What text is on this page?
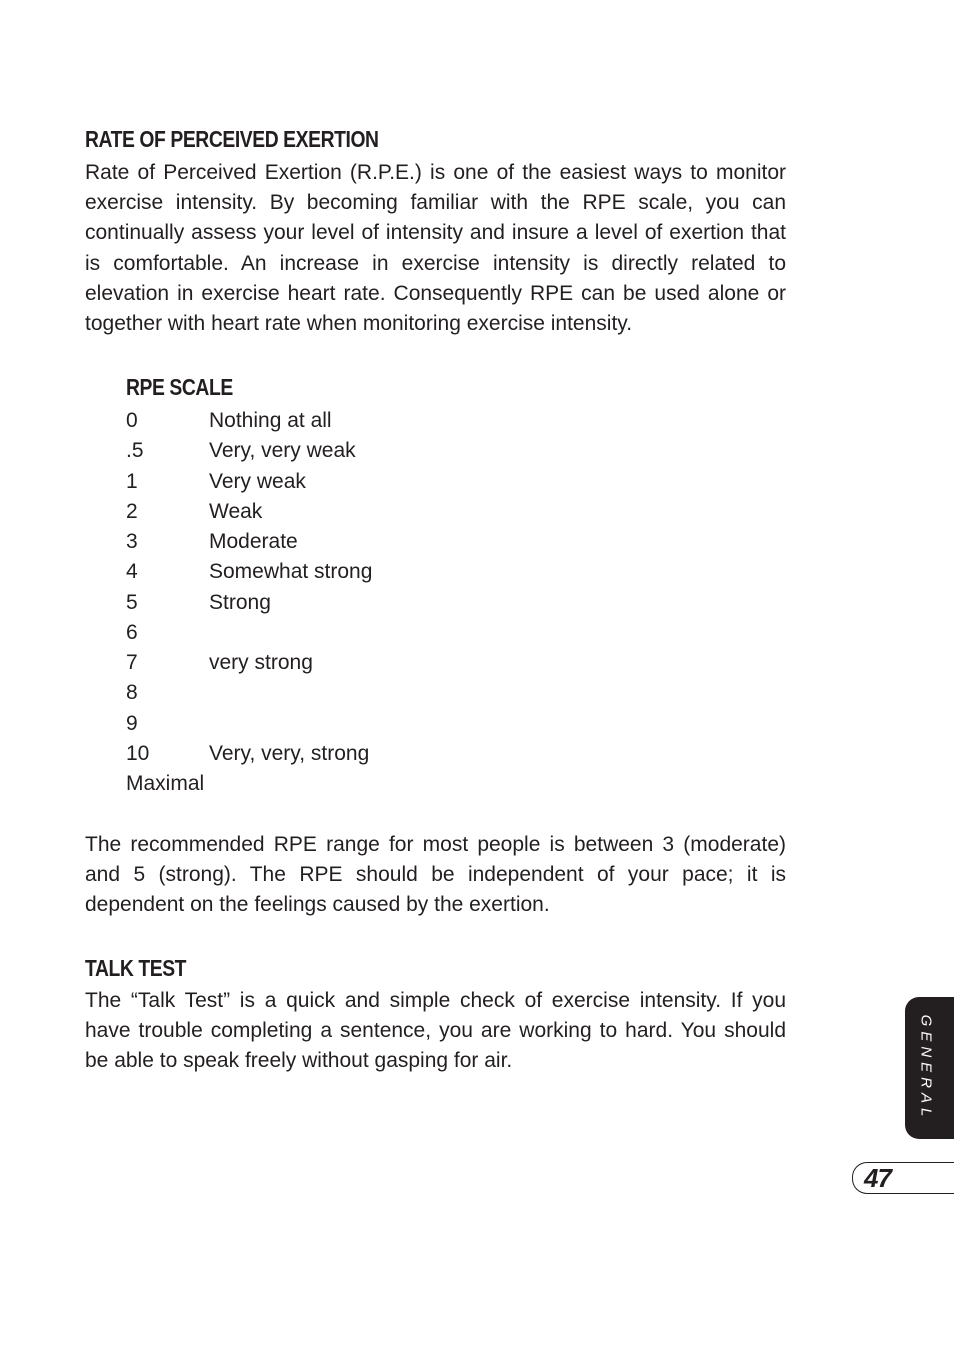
RATE OF PERCEIVED EXERTION

Rate of Perceived Exertion (R.P.E.) is one of the easiest ways to monitor exercise intensity. By becoming familiar with the RPE scale, you can continually assess your level of intensity and insure a level of exertion that is comfortable. An increase in exercise intensity is directly related to elevation in exercise heart rate. Consequently RPE can be used alone or together with heart rate when monitoring exercise intensity.

RPE SCALE
0	Nothing at all
.5	Very, very weak
1	Very weak
2	Weak
3	Moderate
4	Somewhat strong
5	Strong
6
7	very strong
8
9
10	Very, very, strong
Maximal

The recommended RPE range for most people is between 3 (moderate) and 5 (strong). The RPE should be independent of your pace; it is dependent on the feelings caused by the exertion.

TALK TEST

The “Talk Test” is a quick and simple check of exercise intensity. If you have trouble completing a sentence, you are working to hard. You should be able to speak freely without gasping for air.	GENERAL
47
